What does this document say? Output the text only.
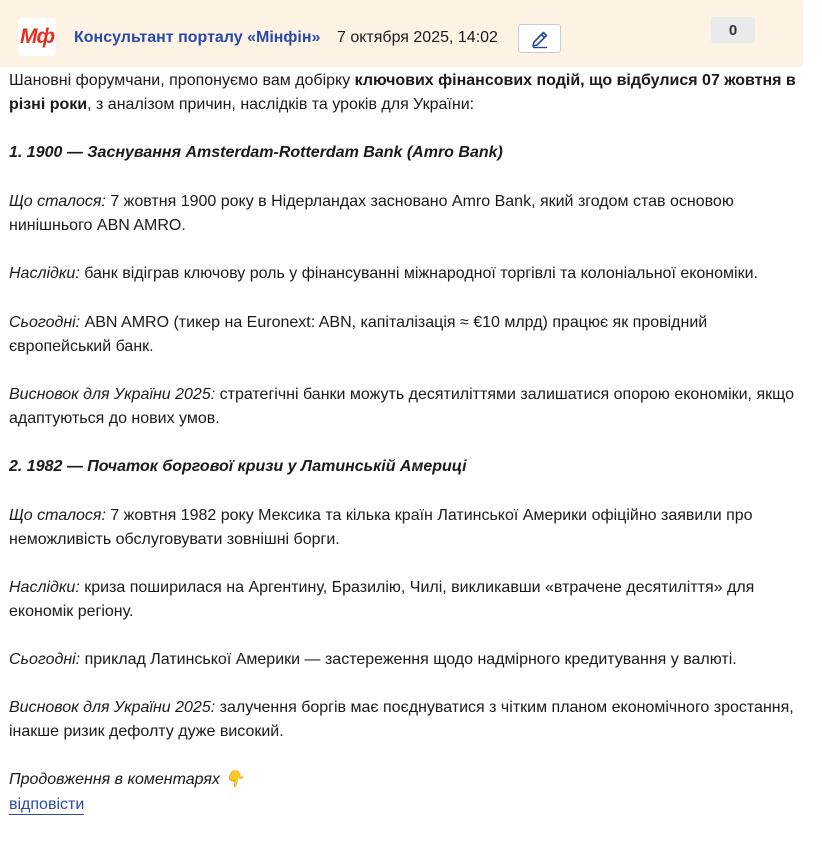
Мф Консультант порталу «Мінфін» 7 октября 2025, 14:02	0

Шановні форумчани, пропонуємо вам добірку ключових фінансових подій, що відбулися 07 жовтня в різні роки, з аналізом причин, наслідків та уроків для України:

1. 1900 — Заснування Amsterdam-Rotterdam Bank (Amro Bank)

Що сталося: 7 жовтня 1900 року в Нідерландах засновано Amro Bank, який згодом став основою нинішнього ABN AMRO.

Наслідки: банк відіграв ключову роль у фінансуванні міжнародної торгівлі та колоніальної економіки.

Сьогодні: ABN AMRO (тикер на Euronext: ABN, капіталізація ≈ €10 млрд) працює як провідний європейський банк.

Висновок для України 2025: стратегічні банки можуть десятиліттями залишатися опорою економіки, якщо адаптуються до нових умов.

2. 1982 — Початок боргової кризи у Латинській Америці

Що сталося: 7 жовтня 1982 року Мексика та кілька країн Латинської Америки офіційно заявили про неможливість обслуговувати зовнішні борги.

Наслідки: криза поширилася на Аргентину, Бразилію, Чилі, викликавши «втрачене десятиліття» для економік регіону.

Сьогодні: приклад Латинської Америки — застереження щодо надмірного кредитування у валюті.

Висновок для України 2025: залучення боргів має поєднуватися з чітким планом економічного зростання, інакше ризик дефолту дуже високий.

Продовження в коментарях 👇

відповісти
